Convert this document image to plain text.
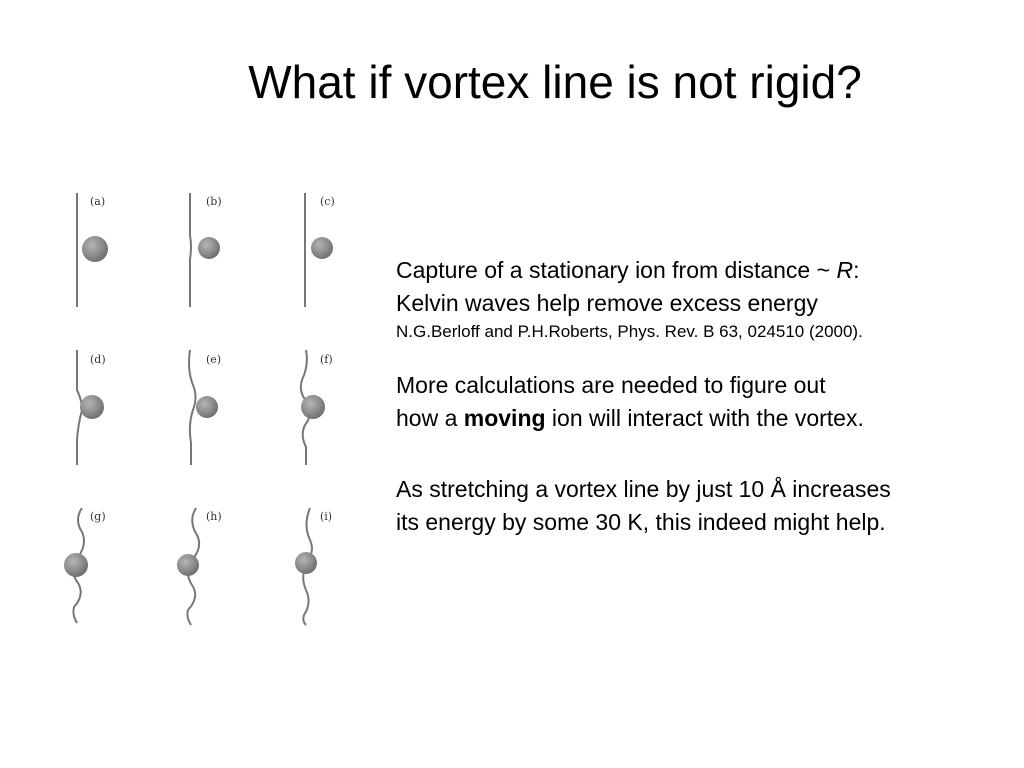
What if vortex line is not rigid?
(a)	(b)	(c)
(d)	(e)	(f)
(g)	(h)	(i)
Capture of a stationary ion from distance ~ R:
Kelvin waves help remove excess energy
N.G.Berloff and P.H.Roberts, Phys. Rev. B 63, 024510 (2000).
More calculations are needed to figure out
how a moving ion will interact with the vortex.
As stretching a vortex line by just 10 Å increases
its energy by some 30 K, this indeed might help.
